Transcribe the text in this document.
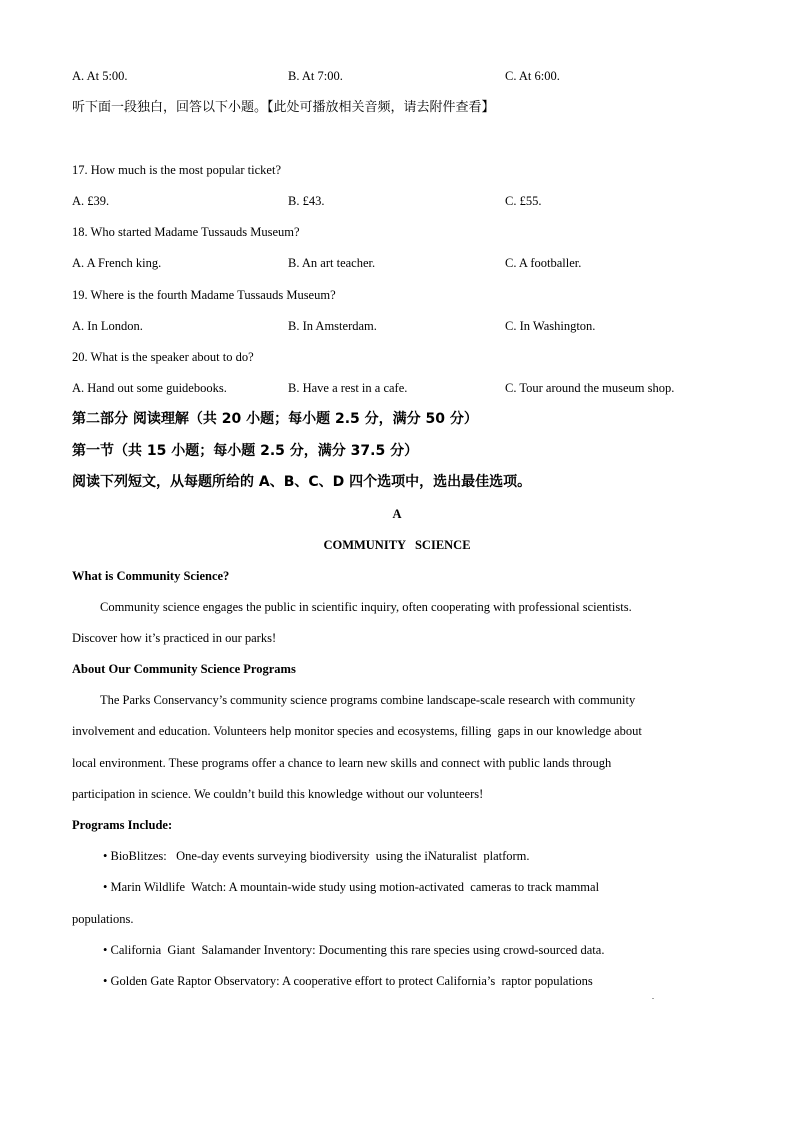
A. At 5:00.	B. At 7:00.	C. At 6:00.
听下面一段独白，回答以下小题。【此处可播放相关音频，请去附件查看】
17. How much is the most popular ticket?
A. £39.	B. £43.	C. £55.
18. Who started Madame Tussauds Museum?
A. A French king.	B. An art teacher.	C. A footballer.
19. Where is the fourth Madame Tussauds Museum?
A. In London.	B. In Amsterdam.	C. In Washington.
20. What is the speaker about to do?
A. Hand out some guidebooks.	B. Have a rest in a cafe.	C. Tour around the museum shop.
第二部分 阅读理解（共 20 小题；每小题 2.5 分，满分 50 分）
第一节（共 15 小题；每小题 2.5 分，满分 37.5 分）
阅读下列短文，从每题所给的 A、B、C、D 四个选项中，选出最佳选项。
A
COMMUNITY   SCIENCE
What is Community Science?
Community science engages the public in scientific inquiry, often cooperating with professional scientists.
Discover how it’s practiced in our parks!
About Our Community Science Programs
The Parks Conservancy’s community science programs combine landscape-scale research with community
involvement and education. Volunteers help monitor species and ecosystems, filling  gaps in our knowledge about
local environment. These programs offer a chance to learn new skills and connect with public lands through
participation in science. We couldn’t build this knowledge without our volunteers!
Programs Include:
• BioBlitzes:   One-day events surveying biodiversity  using the iNaturalist  platform.
• Marin Wildlife  Watch: A mountain-wide study using motion-activated  cameras to track mammal
populations.
• California  Giant  Salamander Inventory: Documenting this rare species using crowd-sourced data.
• Golden Gate Raptor Observatory: A cooperative effort to protect California’s  raptor populations
.
